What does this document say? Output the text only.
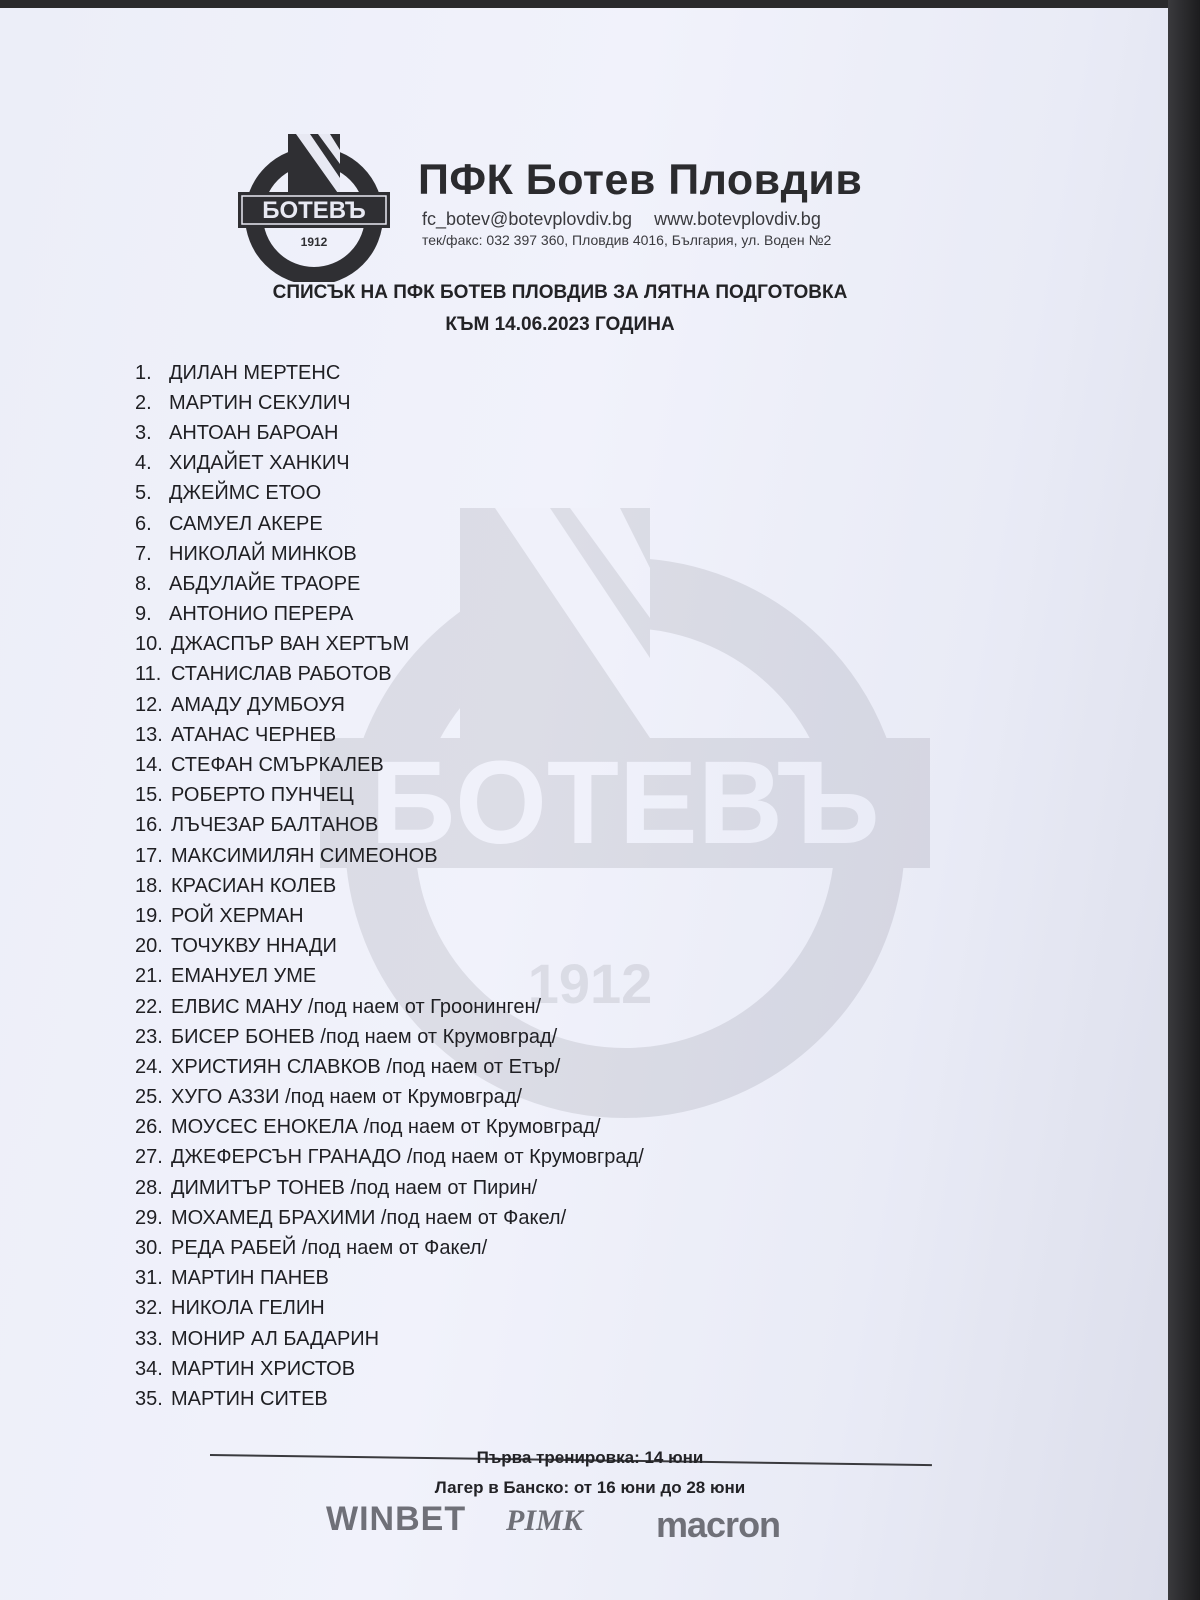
БОТЕВЪ
1912
БОТЕВЪ
1912
ПФК Ботев Пловдив
fc_botev@botevplovdiv.bg www.botevplovdiv.bg
тек/факс: 032 397 360, Пловдив 4016, България, ул. Воден №2
СПИСЪК НА ПФК БОТЕВ ПЛОВДИВ ЗА ЛЯТНА ПОДГОТОВКА
КЪМ 14.06.2023 ГОДИНА
1. ДИЛАН МЕРТЕНС
2. МАРТИН СЕКУЛИЧ
3. АНТОАН БАРОАН
4. ХИДАЙЕТ ХАНКИЧ
5. ДЖЕЙМС ЕТОО
6. САМУЕЛ АКЕРЕ
7. НИКОЛАЙ МИНКОВ
8. АБДУЛАЙЕ ТРАОРЕ
9. АНТОНИО ПЕРЕРА
10. ДЖАСПЪР ВАН ХЕРТЪМ
11. СТАНИСЛАВ РАБОТОВ
12. АМАДУ ДУМБОУЯ
13. АТАНАС ЧЕРНЕВ
14. СТЕФАН СМЪРКАЛЕВ
15. РОБЕРТО ПУНЧЕЦ
16. ЛЪЧЕЗАР БАЛТАНОВ
17. МАКСИМИЛЯН СИМЕОНОВ
18. КРАСИАН КОЛЕВ
19. РОЙ ХЕРМАН
20. ТОЧУКВУ ННАДИ
21. ЕМАНУЕЛ УМЕ
22. ЕЛВИС МАНУ /под наем от Гроонинген/
23. БИСЕР БОНЕВ /под наем от Крумовград/
24. ХРИСТИЯН СЛАВКОВ /под наем от Етър/
25. ХУГО АЗЗИ /под наем от Крумовград/
26. МОУСЕС ЕНОКЕЛА /под наем от Крумовград/
27. ДЖЕФЕРСЪН ГРАНАДО /под наем от Крумовград/
28. ДИМИТЪР ТОНЕВ /под наем от Пирин/
29. МОХАМЕД БРАХИМИ /под наем от Факел/
30. РЕДА РАБЕЙ /под наем от Факел/
31. МАРТИН ПАНЕВ
32. НИКОЛА ГЕЛИН
33. МОНИР АЛ БАДАРИН
34. МАРТИН ХРИСТОВ
35. МАРТИН СИТЕВ

Първа тренировка: 14 юни

Лагер в Банско: от 16 юни до 28 юни

WINBET PIMK macron
